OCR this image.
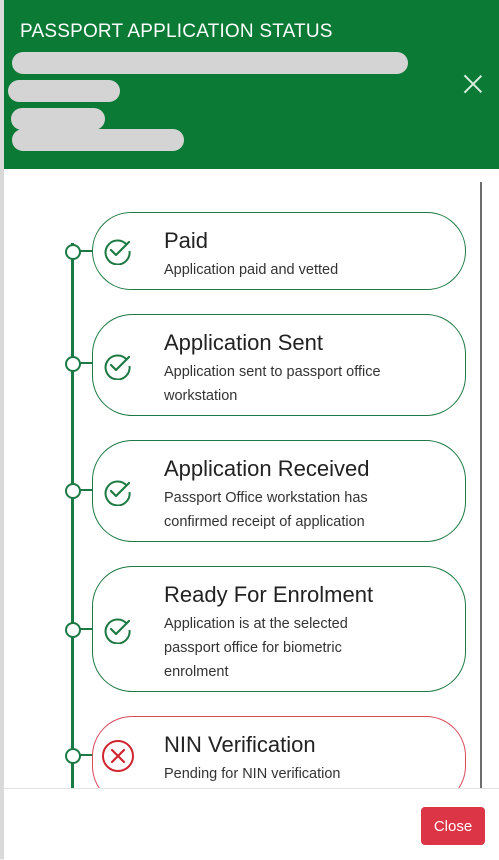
PASSPORT APPLICATION STATUS
Paid
Application paid and vetted
Application Sent
Application sent to passport office workstation
Application Received
Passport Office workstation has confirmed receipt of application
Ready For Enrolment
Application is at the selected passport office for biometric enrolment
NIN Verification
Pending for NIN verification
Close
